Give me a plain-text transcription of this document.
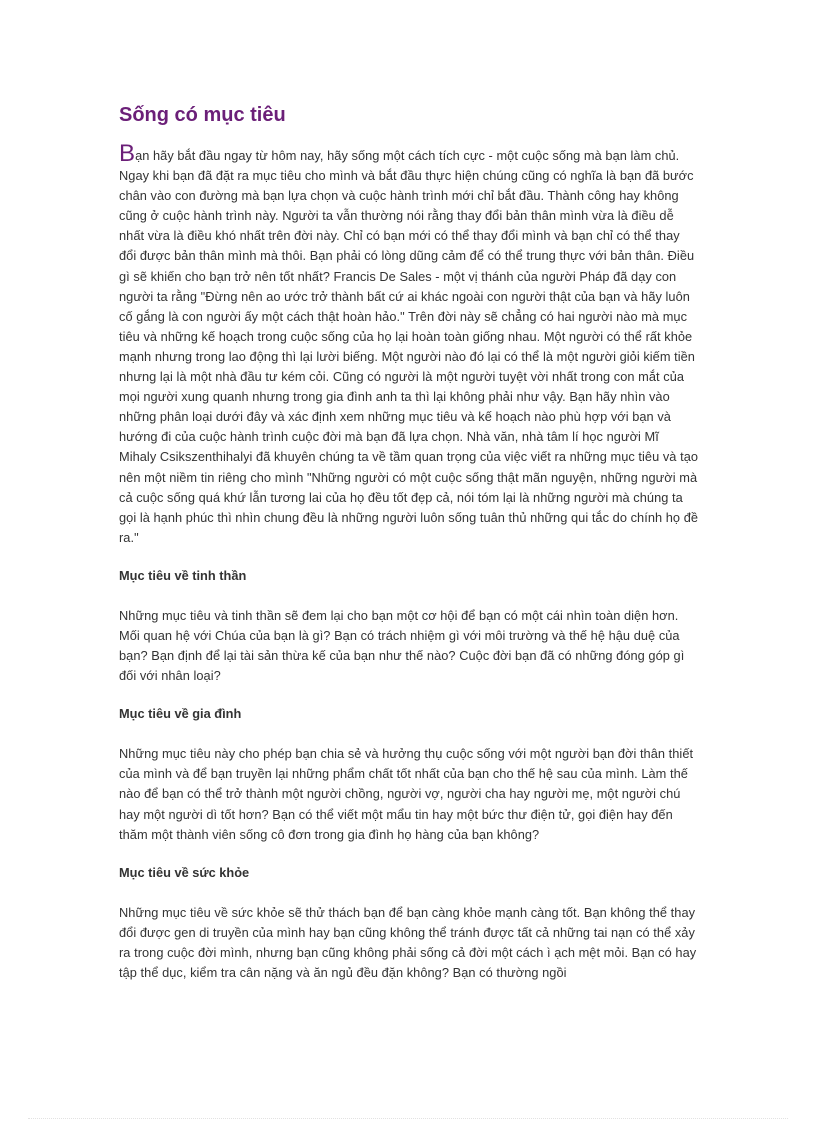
Sống có mục tiêu

Bạn hãy bắt đầu ngay từ hôm nay, hãy sống một cách tích cực - một cuộc sống mà bạn làm chủ. Ngay khi bạn đã đặt ra mục tiêu cho mình và bắt đầu thực hiện chúng cũng có nghĩa là bạn đã bước chân vào con đường mà bạn lựa chọn và cuộc hành trình mới chỉ bắt đầu. Thành công hay không cũng ở cuộc hành trình này. Người ta vẫn thường nói rằng thay đổi bản thân mình vừa là điều dễ nhất vừa là điều khó nhất trên đời này. Chỉ có bạn mới có thể thay đổi mình và bạn chỉ có thể thay đổi được bản thân mình mà thôi. Bạn phải có lòng dũng cảm để có thể trung thực với bản thân. Điều gì sẽ khiến cho bạn trở nên tốt nhất? Francis De Sales - một vị thánh của người Pháp đã dạy con người ta rằng "Đừng nên ao ước trở thành bất cứ ai khác ngoài con người thật của bạn và hãy luôn cố gắng là con người ấy một cách thật hoàn hảo." Trên đời này sẽ chẳng có hai người nào mà mục tiêu và những kế hoạch trong cuộc sống của họ lại hoàn toàn giống nhau. Một người có thể rất khỏe mạnh nhưng trong lao động thì lại lười biếng. Một người nào đó lại có thể là một người giỏi kiếm tiền nhưng lại là một nhà đầu tư kém cỏi. Cũng có người là một người tuyệt vời nhất trong con mắt của mọi người xung quanh nhưng trong gia đình anh ta thì lại không phải như vậy. Bạn hãy nhìn vào những phân loại dưới đây và xác định xem những mục tiêu và kế hoạch nào phù hợp với bạn và hướng đi của cuộc hành trình cuộc đời mà bạn đã lựa chọn. Nhà văn, nhà tâm lí học người Mĩ Mihaly Csikszenthihalyi đã khuyên chúng ta về tầm quan trọng của việc viết ra những mục tiêu và tạo nên một niềm tin riêng cho mình "Những người có một cuộc sống thật mãn nguyện, những người mà cả cuộc sống quá khứ lẫn tương lai của họ đều tốt đẹp cả, nói tóm lại là những người mà chúng ta gọi là hạnh phúc thì nhìn chung đều là những người luôn sống tuân thủ những qui tắc do chính họ đề ra."

Mục tiêu về tinh thần

Những mục tiêu và tinh thần sẽ đem lại cho bạn một cơ hội để bạn có một cái nhìn toàn diện hơn. Mối quan hệ với Chúa của bạn là gì? Bạn có trách nhiệm gì với môi trường và thế hệ hậu duệ của bạn? Bạn định để lại tài sản thừa kế của bạn như thế nào? Cuộc đời bạn đã có những đóng góp gì đối với nhân loại?

Mục tiêu về gia đình

Những mục tiêu này cho phép bạn chia sẻ và hưởng thụ cuộc sống với một người bạn đời thân thiết của mình và để bạn truyền lại những phẩm chất tốt nhất của bạn cho thế hệ sau của mình. Làm thế nào để bạn có thể trở thành một người chồng, người vợ, người cha hay người mẹ, một người chú hay một người dì tốt hơn? Bạn có thể viết một mẩu tin hay một bức thư điện tử, gọi điện hay đến thăm một thành viên sống cô đơn trong gia đình họ hàng của bạn không?

Mục tiêu về sức khỏe

Những mục tiêu về sức khỏe sẽ thử thách bạn để bạn càng khỏe mạnh càng tốt. Bạn không thể thay đổi được gen di truyền của mình hay bạn cũng không thể tránh được tất cả những tai nạn có thể xảy ra trong cuộc đời mình, nhưng bạn cũng không phải sống cả đời một cách ì ạch mệt mỏi. Bạn có hay tập thể dục, kiểm tra cân nặng và ăn ngủ đều đặn không? Bạn có thường ngồi
